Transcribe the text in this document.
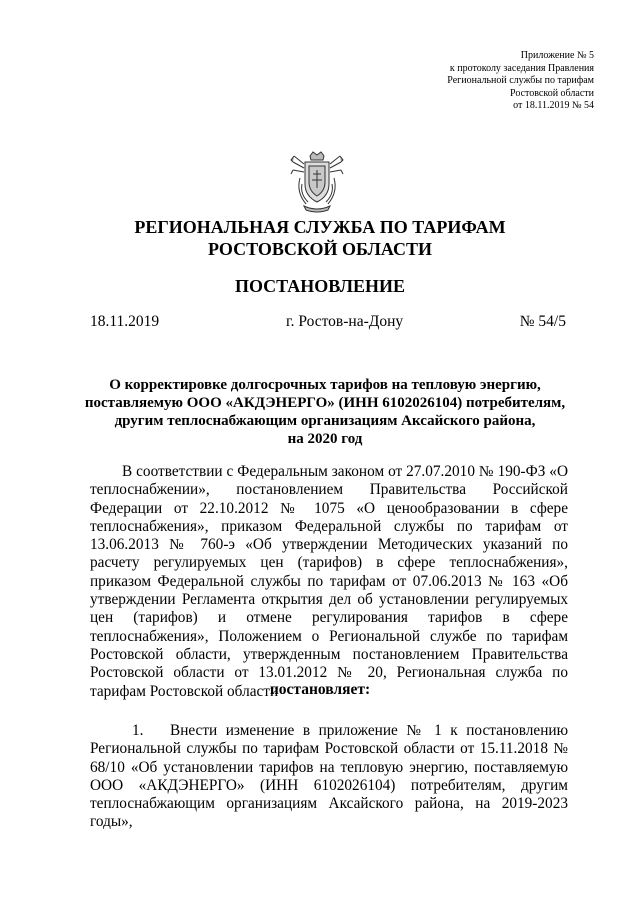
Приложение № 5
к протоколу заседания Правления
Региональной службы по тарифам
Ростовской области
от 18.11.2019 № 54
РЕГИОНАЛЬНАЯ СЛУЖБА ПО ТАРИФАМ
РОСТОВСКОЙ ОБЛАСТИ
ПОСТАНОВЛЕНИЕ
18.11.2019	г. Ростов-на-Дону	№ 54/5
О корректировке долгосрочных тарифов на тепловую энергию,
поставляемую ООО «АКДЭНЕРГО» (ИНН 6102026104) потребителям,
другим теплоснабжающим организациям Аксайского района,
на 2020 год
В соответствии с Федеральным законом от 27.07.2010 № 190-ФЗ «О теплоснабжении», постановлением Правительства Российской Федерации от 22.10.2012 № 1075 «О ценообразовании в сфере теплоснабжения», приказом Федеральной службы по тарифам от 13.06.2013 № 760-э «Об утверждении Методических указаний по расчету регулируемых цен (тарифов) в сфере теплоснабжения», приказом Федеральной службы по тарифам от 07.06.2013 № 163 «Об утверждении Регламента открытия дел об установлении регулируемых цен (тарифов) и отмене регулирования тарифов в сфере теплоснабжения», Положением о Региональной службе по тарифам Ростовской области, утвержденным постановлением Правительства Ростовской области от 13.01.2012 № 20, Региональная служба по тарифам Ростовской области
постановляет:
1. Внести изменение в приложение № 1 к постановлению Региональной службы по тарифам Ростовской области от 15.11.2018 № 68/10 «Об установлении тарифов на тепловую энергию, поставляемую ООО «АКДЭНЕРГО» (ИНН 6102026104) потребителям, другим теплоснабжающим организациям Аксайского района, на 2019-2023 годы»,
